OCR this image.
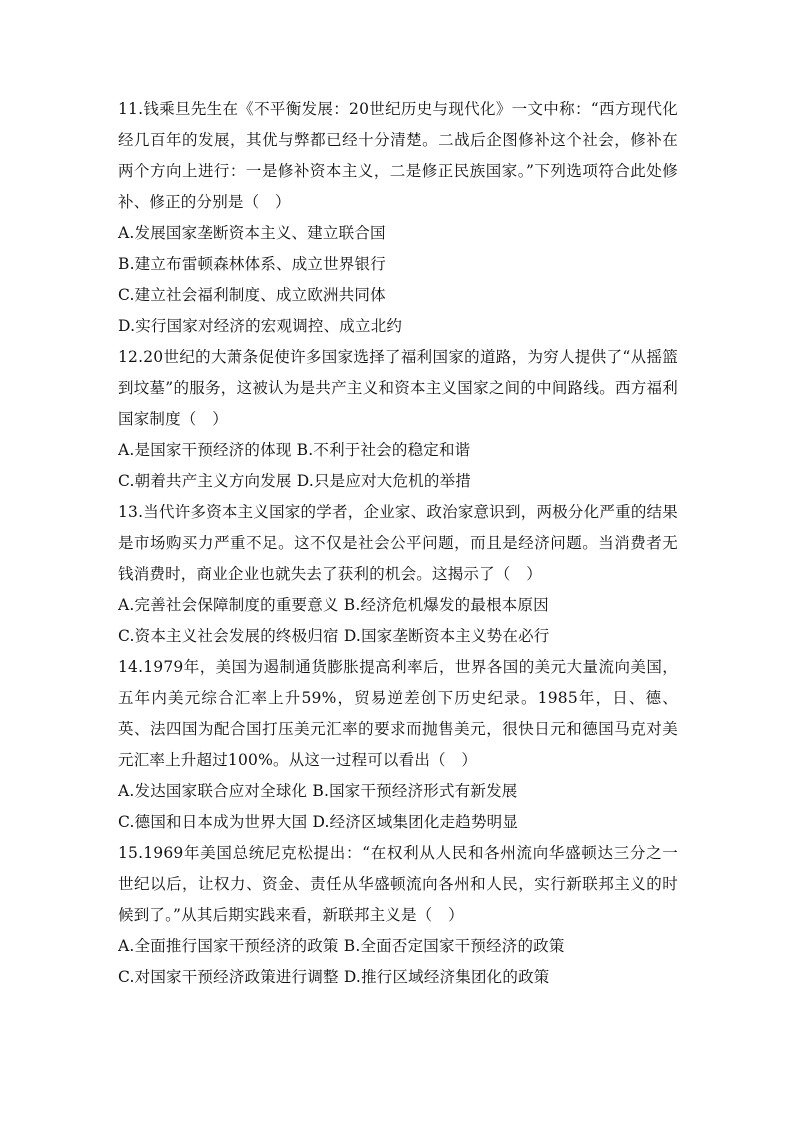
11.钱乘旦先生在《不平衡发展：20世纪历史与现代化》一文中称：“西方现代化经几百年的发展，其优与弊都已经十分清楚。二战后企图修补这个社会，修补在两个方向上进行：一是修补资本主义，二是修正民族国家。”下列选项符合此处修补、修正的分别是（　）

A.发展国家垄断资本主义、建立联合国

B.建立布雷顿森林体系、成立世界银行

C.建立社会福利制度、成立欧洲共同体

D.实行国家对经济的宏观调控、成立北约

12.20世纪的大萧条促使许多国家选择了福利国家的道路，为穷人提供了“从摇篮到坟墓”的服务，这被认为是共产主义和资本主义国家之间的中间路线。西方福利国家制度（　）

A.是国家干预经济的体现 B.不利于社会的稳定和谐

C.朝着共产主义方向发展 D.只是应对大危机的举措

13.当代许多资本主义国家的学者，企业家、政治家意识到，两极分化严重的结果是市场购买力严重不足。这不仅是社会公平问题，而且是经济问题。当消费者无钱消费时，商业企业也就失去了获利的机会。这揭示了（　）

A.完善社会保障制度的重要意义 B.经济危机爆发的最根本原因

C.资本主义社会发展的终极归宿 D.国家垄断资本主义势在必行

14.1979年，美国为遏制通货膨胀提高利率后，世界各国的美元大量流向美国，五年内美元综合汇率上升59%，贸易逆差创下历史纪录。1985年，日、德、英、法四国为配合国打压美元汇率的要求而抛售美元，很快日元和德国马克对美元汇率上升超过100%。从这一过程可以看出（　）

A.发达国家联合应对全球化 B.国家干预经济形式有新发展

C.德国和日本成为世界大国 D.经济区域集团化走趋势明显

15.1969年美国总统尼克松提出：“在权利从人民和各州流向华盛顿达三分之一世纪以后，让权力、资金、责任从华盛顿流向各州和人民，实行新联邦主义的时候到了。”从其后期实践来看，新联邦主义是（　）

A.全面推行国家干预经济的政策 B.全面否定国家干预经济的政策

C.对国家干预经济政策进行调整 D.推行区域经济集团化的政策
